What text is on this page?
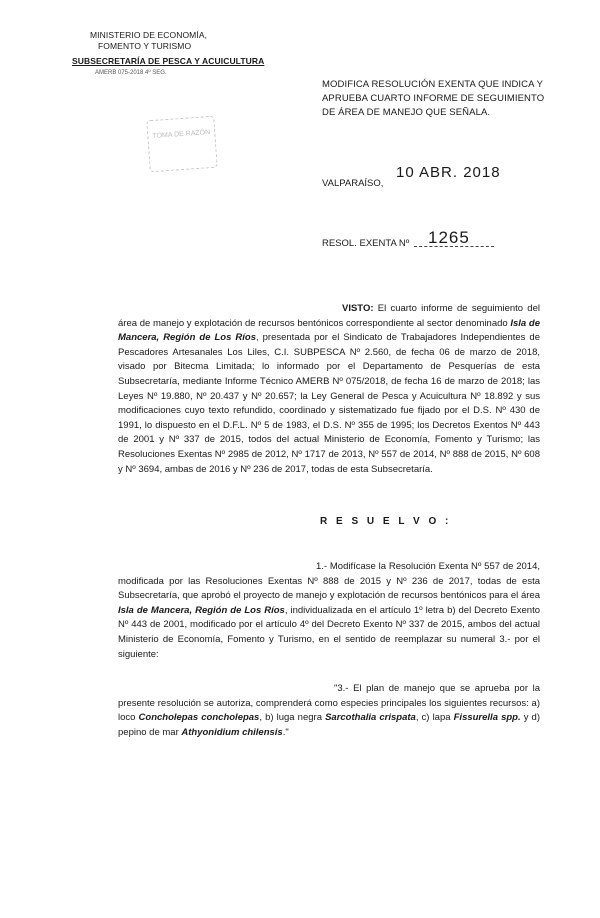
MINISTERIO DE ECONOMÍA,
FOMENTO Y TURISMO
SUBSECRETARÍA DE PESCA Y ACUICULTURA
AMERB 075-2018 4º SEG.
TOMA DE RAZÓN
MODIFICA RESOLUCIÓN EXENTA QUE INDICA Y
APRUEBA CUARTO INFORME DE SEGUIMIENTO
DE ÁREA DE MANEJO QUE SEÑALA.
VALPARAÍSO,
10 ABR. 2018
RESOL. EXENTA Nº 1265
VISTO: El cuarto informe de seguimiento del área de manejo y explotación de recursos bentónicos correspondiente al sector denominado Isla de Mancera, Región de Los Ríos, presentada por el Sindicato de Trabajadores Independientes de Pescadores Artesanales Los Liles, C.I. SUBPESCA Nº 2.560, de fecha 06 de marzo de 2018, visado por Bitecma Limitada; lo informado por el Departamento de Pesquerías de esta Subsecretaría, mediante Informe Técnico AMERB Nº 075/2018, de fecha 16 de marzo de 2018; las Leyes Nº 19.880, Nº 20.437 y Nº 20.657; la Ley General de Pesca y Acuicultura Nº 18.892 y sus modificaciones cuyo texto refundido, coordinado y sistematizado fue fijado por el D.S. Nº 430 de 1991, lo dispuesto en el D.F.L. Nº 5 de 1983, el D.S. Nº 355 de 1995; los Decretos Exentos Nº 443 de 2001 y Nº 337 de 2015, todos del actual Ministerio de Economía, Fomento y Turismo; las Resoluciones Exentas Nº 2985 de 2012, Nº 1717 de 2013, Nº 557 de 2014, Nº 888 de 2015, Nº 608 y Nº 3694, ambas de 2016 y Nº 236 de 2017, todas de esta Subsecretaría.
R E S U E L V O :
1.- Modifícase la Resolución Exenta Nº 557 de 2014, modificada por las Resoluciones Exentas Nº 888 de 2015 y Nº 236 de 2017, todas de esta Subsecretaría, que aprobó el proyecto de manejo y explotación de recursos bentónicos para el área Isla de Mancera, Región de Los Ríos, individualizada en el artículo 1º letra b) del Decreto Exento Nº 443 de 2001, modificado por el artículo 4º del Decreto Exento Nº 337 de 2015, ambos del actual Ministerio de Economía, Fomento y Turismo, en el sentido de reemplazar su numeral 3.- por el siguiente:
"3.- El plan de manejo que se aprueba por la presente resolución se autoriza, comprenderá como especies principales los siguientes recursos: a) loco Concholepas concholepas, b) luga negra Sarcothalia crispata, c) lapa Fissurella spp. y d) pepino de mar Athyonidium chilensis."
